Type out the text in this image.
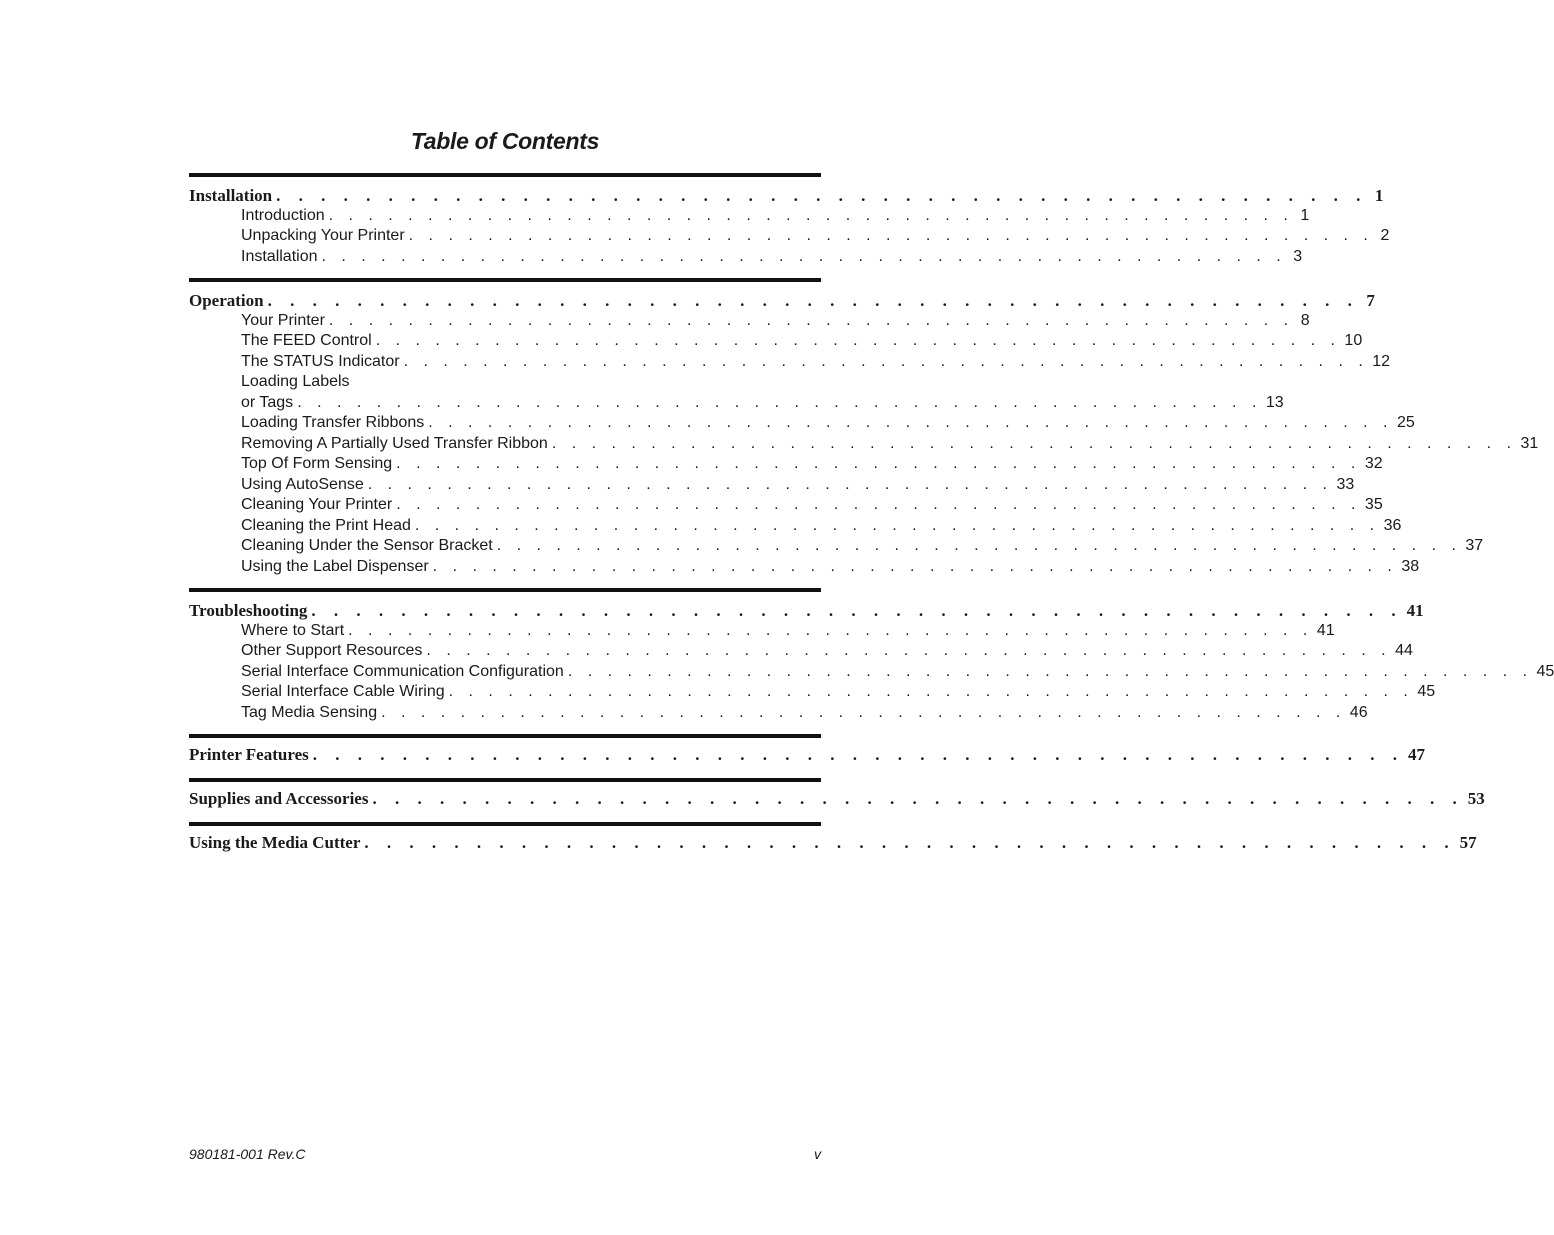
Table of Contents
Installation . . . . . . . . . . . . . . . . . . . . . . . . . . . . . . . . . . . . . . . . . . . . . . . . . 1
Introduction . . . . . . . . . . . . . . . . . . . . . . . . . . . . . . . . . . . . . . . . . . . . . . . . . 1
Unpacking Your Printer . . . . . . . . . . . . . . . . . . . . . . . . . . . . . . . . . . . . . . . . . . . . . . . . . 2
Installation . . . . . . . . . . . . . . . . . . . . . . . . . . . . . . . . . . . . . . . . . . . . . . . . . 3
Operation . . . . . . . . . . . . . . . . . . . . . . . . . . . . . . . . . . . . . . . . . . . . . . . . . 7
Your Printer . . . . . . . . . . . . . . . . . . . . . . . . . . . . . . . . . . . . . . . . . . . . . . . . . 8
The FEED Control . . . . . . . . . . . . . . . . . . . . . . . . . . . . . . . . . . . . . . . . . . . . . . . . . 10
The STATUS Indicator . . . . . . . . . . . . . . . . . . . . . . . . . . . . . . . . . . . . . . . . . . . . . . . . . 12
Loading Labels
or Tags . . . . . . . . . . . . . . . . . . . . . . . . . . . . . . . . . . . . . . . . . . . . . . . . . 13
Loading Transfer Ribbons . . . . . . . . . . . . . . . . . . . . . . . . . . . . . . . . . . . . . . . . . . . . . . . . . 25
Removing A Partially Used Transfer Ribbon . . . . . . . . . . . . . . . . . . . . . . . . . . . . . . . . . . . . . . . . . . . . . . . . . 31
Top Of Form Sensing . . . . . . . . . . . . . . . . . . . . . . . . . . . . . . . . . . . . . . . . . . . . . . . . . 32
Using AutoSense . . . . . . . . . . . . . . . . . . . . . . . . . . . . . . . . . . . . . . . . . . . . . . . . . 33
Cleaning Your Printer . . . . . . . . . . . . . . . . . . . . . . . . . . . . . . . . . . . . . . . . . . . . . . . . . 35
Cleaning the Print Head . . . . . . . . . . . . . . . . . . . . . . . . . . . . . . . . . . . . . . . . . . . . . . . . . 36
Cleaning Under the Sensor Bracket . . . . . . . . . . . . . . . . . . . . . . . . . . . . . . . . . . . . . . . . . . . . . . . . . 37
Using the Label Dispenser . . . . . . . . . . . . . . . . . . . . . . . . . . . . . . . . . . . . . . . . . . . . . . . . . 38
Troubleshooting . . . . . . . . . . . . . . . . . . . . . . . . . . . . . . . . . . . . . . . . . . . . . . . . . 41
Where to Start . . . . . . . . . . . . . . . . . . . . . . . . . . . . . . . . . . . . . . . . . . . . . . . . . 41
Other Support Resources . . . . . . . . . . . . . . . . . . . . . . . . . . . . . . . . . . . . . . . . . . . . . . . . . 44
Serial Interface Communication Configuration . . . . . . . . . . . . . . . . . . . . . . . . . . . . . . . . . . . . . . . . . . . . . . . . . 45
Serial Interface Cable Wiring . . . . . . . . . . . . . . . . . . . . . . . . . . . . . . . . . . . . . . . . . . . . . . . . . 45
Tag Media Sensing . . . . . . . . . . . . . . . . . . . . . . . . . . . . . . . . . . . . . . . . . . . . . . . . . 46
Printer Features . . . . . . . . . . . . . . . . . . . . . . . . . . . . . . . . . . . . . . . . . . . . . . . . . 47
Supplies and Accessories . . . . . . . . . . . . . . . . . . . . . . . . . . . . . . . . . . . . . . . . . . . . . . . . . 53
Using the Media Cutter . . . . . . . . . . . . . . . . . . . . . . . . . . . . . . . . . . . . . . . . . . . . . . . . . 57
980181-001 Rev.C	v
